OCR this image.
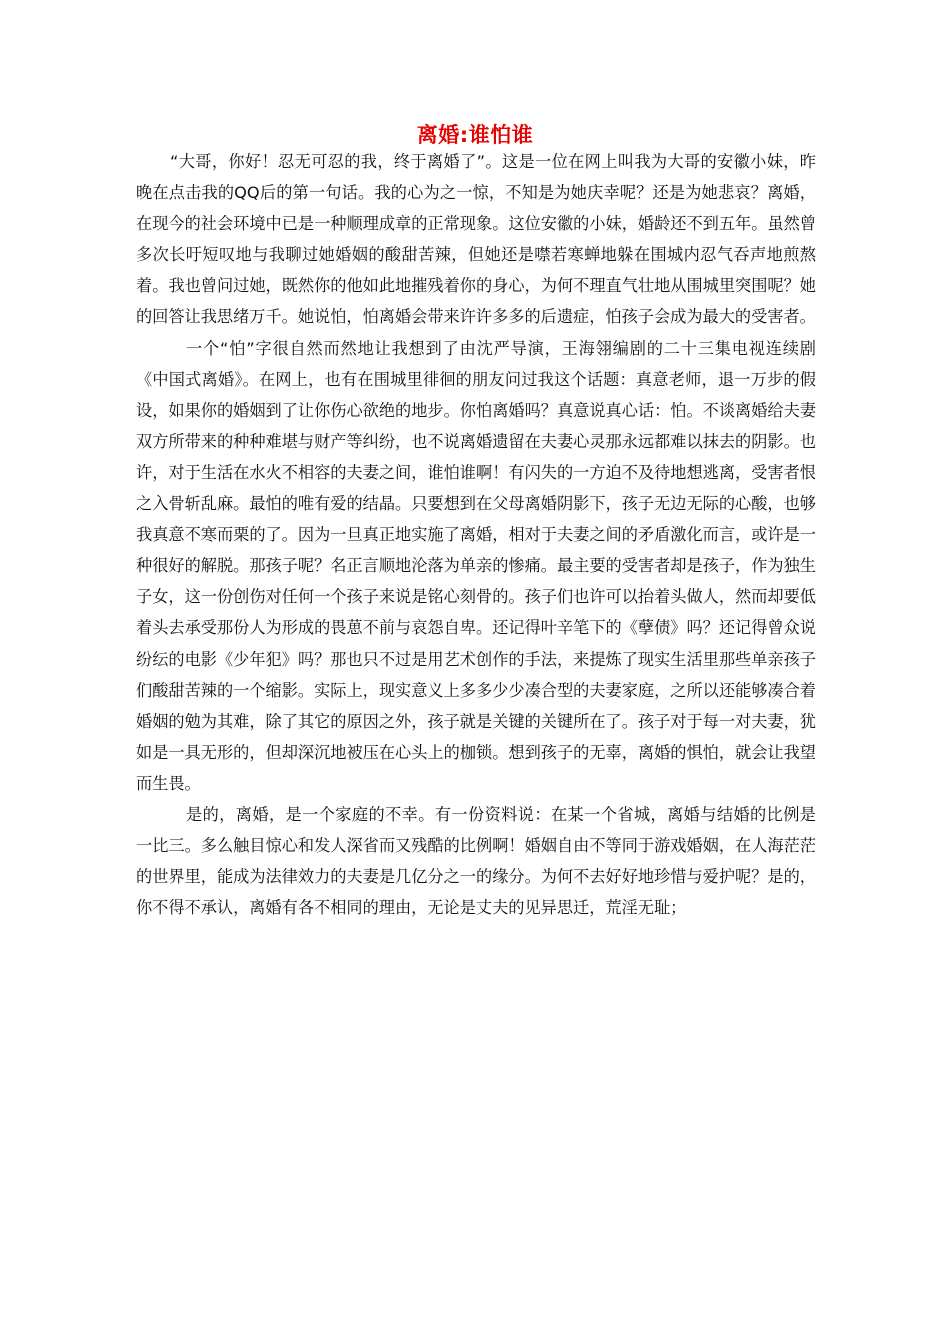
离婚:谁怕谁

“大哥，你好！忍无可忍的我，终于离婚了”。这是一位在网上叫我为大哥的安徽小妹，昨晚在点击我的QQ后的第一句话。我的心为之一惊，不知是为她庆幸呢？还是为她悲哀？离婚，在现今的社会环境中已是一种顺理成章的正常现象。这位安徽的小妹，婚龄还不到五年。虽然曾多次长吁短叹地与我聊过她婚姻的酸甜苦辣，但她还是噤若寒蝉地躲在围城内忍气吞声地煎熬着。我也曾问过她，既然你的他如此地摧残着你的身心，为何不理直气壮地从围城里突围呢？她的回答让我思绪万千。她说怕，怕离婚会带来许许多多的后遗症，怕孩子会成为最大的受害者。

一个“怕”字很自然而然地让我想到了由沈严导演，王海翎编剧的二十三集电视连续剧《中国式离婚》。在网上，也有在围城里徘徊的朋友问过我这个话题：真意老师，退一万步的假设，如果你的婚姻到了让你伤心欲绝的地步。你怕离婚吗？真意说真心话：怕。不谈离婚给夫妻双方所带来的种种难堪与财产等纠纷，也不说离婚遗留在夫妻心灵那永远都难以抹去的阴影。也许，对于生活在水火不相容的夫妻之间，谁怕谁啊！有闪失的一方迫不及待地想逃离，受害者恨之入骨斩乱麻。最怕的唯有爱的结晶。只要想到在父母离婚阴影下，孩子无边无际的心酸，也够我真意不寒而栗的了。因为一旦真正地实施了离婚，相对于夫妻之间的矛盾激化而言，或许是一种很好的解脱。那孩子呢？名正言顺地沦落为单亲的惨痛。最主要的受害者却是孩子，作为独生子女，这一份创伤对任何一个孩子来说是铭心刻骨的。孩子们也许可以抬着头做人，然而却要低着头去承受那份人为形成的畏葸不前与哀怨自卑。还记得叶辛笔下的《孽债》吗？还记得曾众说纷纭的电影《少年犯》吗？那也只不过是用艺术创作的手法，来提炼了现实生活里那些单亲孩子们酸甜苦辣的一个缩影。实际上，现实意义上多多少少凑合型的夫妻家庭，之所以还能够凑合着婚姻的勉为其难，除了其它的原因之外，孩子就是关键的关键所在了。孩子对于每一对夫妻，犹如是一具无形的，但却深沉地被压在心头上的枷锁。想到孩子的无辜，离婚的惧怕，就会让我望而生畏。

是的，离婚，是一个家庭的不幸。有一份资料说：在某一个省城，离婚与结婚的比例是一比三。多么触目惊心和发人深省而又残酷的比例啊！婚姻自由不等同于游戏婚姻，在人海茫茫的世界里，能成为法律效力的夫妻是几亿分之一的缘分。为何不去好好地珍惜与爱护呢？是的，你不得不承认，离婚有各不相同的理由，无论是丈夫的见异思迁，荒淫无耻；
